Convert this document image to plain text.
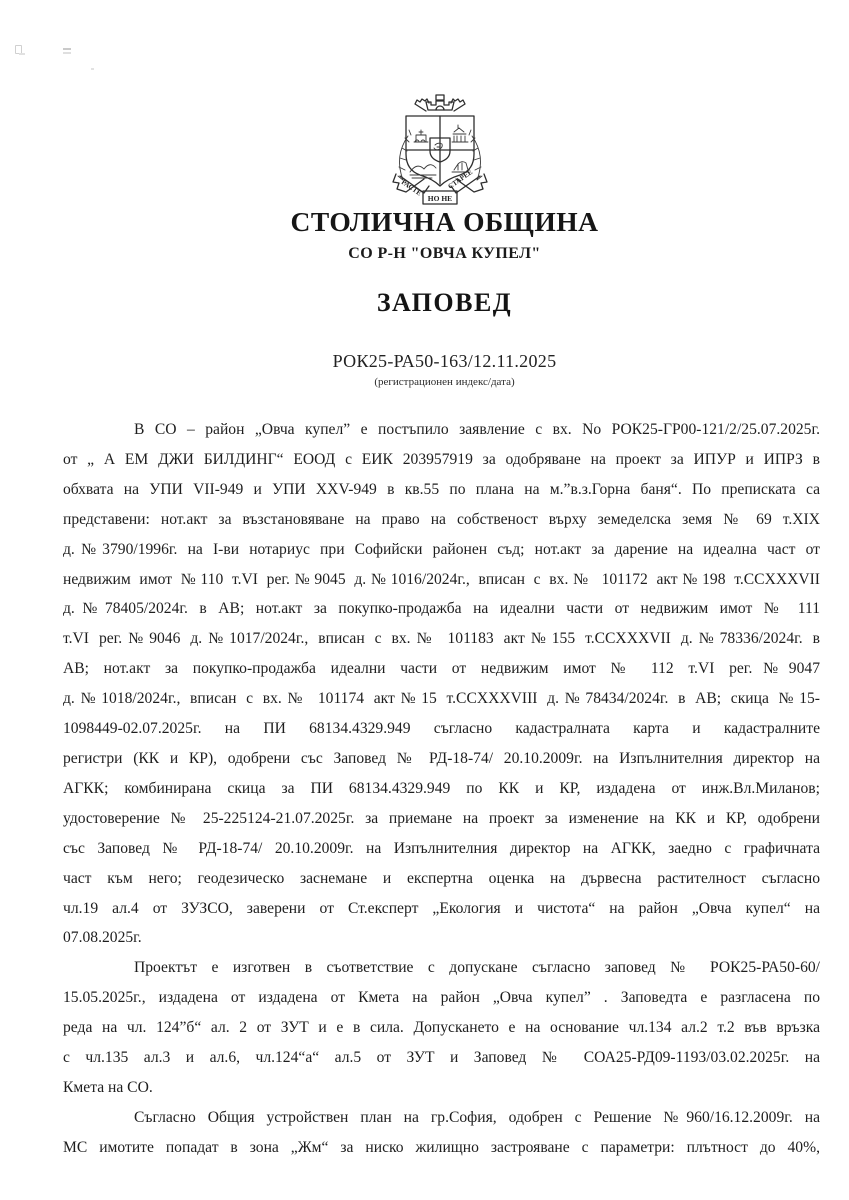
РАСТЕ
НО НЕ
СТАРЕЕ
СТОЛИЧНА ОБЩИНА
СО Р-Н "ОВЧА КУПЕЛ"
ЗАПОВЕД
РОК25-РА50-163/12.11.2025
(регистрационен индекс/дата)
В СО – район „Овча купел” е постъпило заявление с вх. No РОК25-ГР00-121/2/25.07.2025г.
от „ А ЕМ ДЖИ БИЛДИНГ“ ЕООД с ЕИК 203957919 за одобряване на проект за ИПУР и ИПРЗ в
обхвата на УПИ VII-949 и УПИ XXV-949 в кв.55 по плана на м.”в.з.Горна баня“. По преписката са
представени: нот.акт за възстановяване на право на собственост върху земеделска земя № 69 т.XIX
д.№3790/1996г. на I-ви нотариус при Софийски районен съд; нот.акт за дарение на идеална част от
недвижим имот №110 т.VI рег.№9045 д.№1016/2024г., вписан с вх.№ 101172 акт№198 т.CCXXXVII
д.№78405/2024г. в АВ; нот.акт за покупко-продажба на идеални части от недвижим имот № 111
т.VI рег.№9046 д.№1017/2024г., вписан с вх.№ 101183 акт№155 т.CCXXXVII д.№78336/2024г. в
АВ; нот.акт за покупко-продажба идеални части от недвижим имот № 112 т.VI рег.№9047
д.№1018/2024г., вписан с вх.№ 101174 акт№15 т.CCXXXVIII д.№78434/2024г. в АВ; скица №15-
1098449-02.07.2025г. на ПИ 68134.4329.949 съгласно кадастралната карта и кадастралните
регистри (КК и КР), одобрени със Заповед № РД-18-74/ 20.10.2009г. на Изпълнителния директор на
АГКК; комбинирана скица за ПИ 68134.4329.949 по КК и КР, издадена от инж.Вл.Миланов;
удостоверение № 25-225124-21.07.2025г. за приемане на проект за изменение на КК и КР, одобрени
със Заповед № РД-18-74/ 20.10.2009г. на Изпълнителния директор на АГКК, заедно с графичната
част към него; геодезическо заснемане и експертна оценка на дървесна растителност съгласно
чл.19 ал.4 от ЗУЗСО, заверени от Ст.експерт „Екология и чистота“ на район „Овча купел“ на
07.08.2025г.
Проектът е изготвен в съответствие с допускане съгласно заповед № РОК25-РА50-60/
15.05.2025г., издадена от издадена от Кмета на район „Овча купел” . Заповедта е разгласена по
реда на чл. 124”б“ ал. 2 от ЗУТ и е в сила. Допускането е на основание чл.134 ал.2 т.2 във връзка
с чл.135 ал.3 и ал.6, чл.124“а“ ал.5 от ЗУТ и Заповед № СОА25-РД09-1193/03.02.2025г. на
Кмета на СО.
Съгласно Общия устройствен план на гр.София, одобрен с Решение №960/16.12.2009г. на
МС имотите попадат в зона „Жм“ за ниско жилищно застрояване с параметри: плътност до 40%,
